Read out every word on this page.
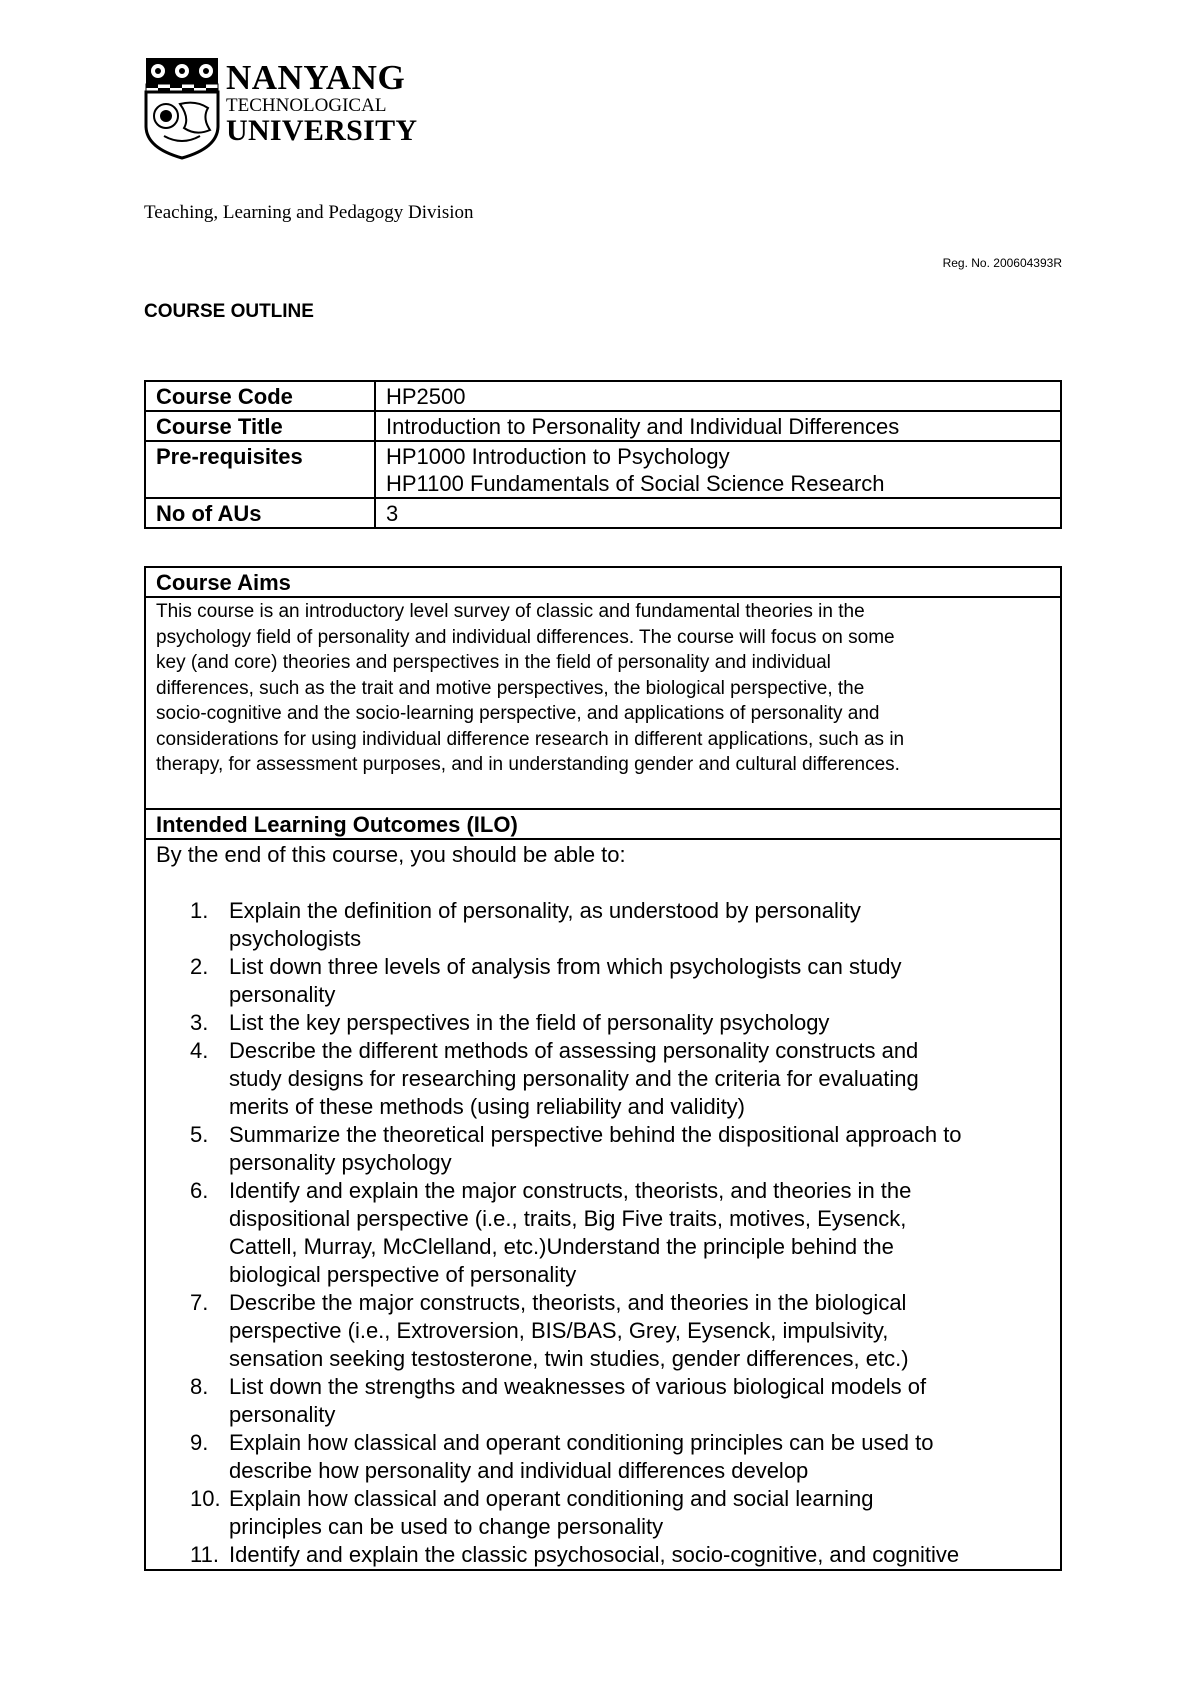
NANYANG
TECHNOLOGICAL
UNIVERSITY
Teaching, Learning and Pedagogy Division
Reg. No. 200604393R
COURSE OUTLINE
Course Code	HP2500

Course Title	Introduction to Personality and Individual Differences

Pre-requisites	HP1000 Introduction to Psychology
HP1100 Fundamentals of Social Science Research

No of AUs	3
Course Aims

This course is an introductory level survey of classic and fundamental theories in the
psychology field of personality and individual differences. The course will focus on some
key (and core) theories and perspectives in the field of personality and individual
differences, such as the trait and motive perspectives, the biological perspective, the
socio-cognitive and the socio-learning perspective, and applications of personality and
considerations for using individual difference research in different applications, such as in
therapy, for assessment purposes, and in understanding gender and cultural differences.

Intended Learning Outcomes (ILO)

By the end of this course, you should be able to:
1. Explain the definition of personality, as understood by personality
psychologists
2. List down three levels of analysis from which psychologists can study
personality
3. List the key perspectives in the field of personality psychology
4. Describe the different methods of assessing personality constructs and
study designs for researching personality and the criteria for evaluating
merits of these methods (using reliability and validity)
5. Summarize the theoretical perspective behind the dispositional approach to
personality psychology
6. Identify and explain the major constructs, theorists, and theories in the
dispositional perspective (i.e., traits, Big Five traits, motives, Eysenck,
Cattell, Murray, McClelland, etc.)Understand the principle behind the
biological perspective of personality
7. Describe the major constructs, theorists, and theories in the biological
perspective (i.e., Extroversion, BIS/BAS, Grey, Eysenck, impulsivity,
sensation seeking testosterone, twin studies, gender differences, etc.)
8. List down the strengths and weaknesses of various biological models of
personality
9. Explain how classical and operant conditioning principles can be used to
describe how personality and individual differences develop
10. Explain how classical and operant conditioning and social learning
principles can be used to change personality
11. Identify and explain the classic psychosocial, socio-cognitive, and cognitive
